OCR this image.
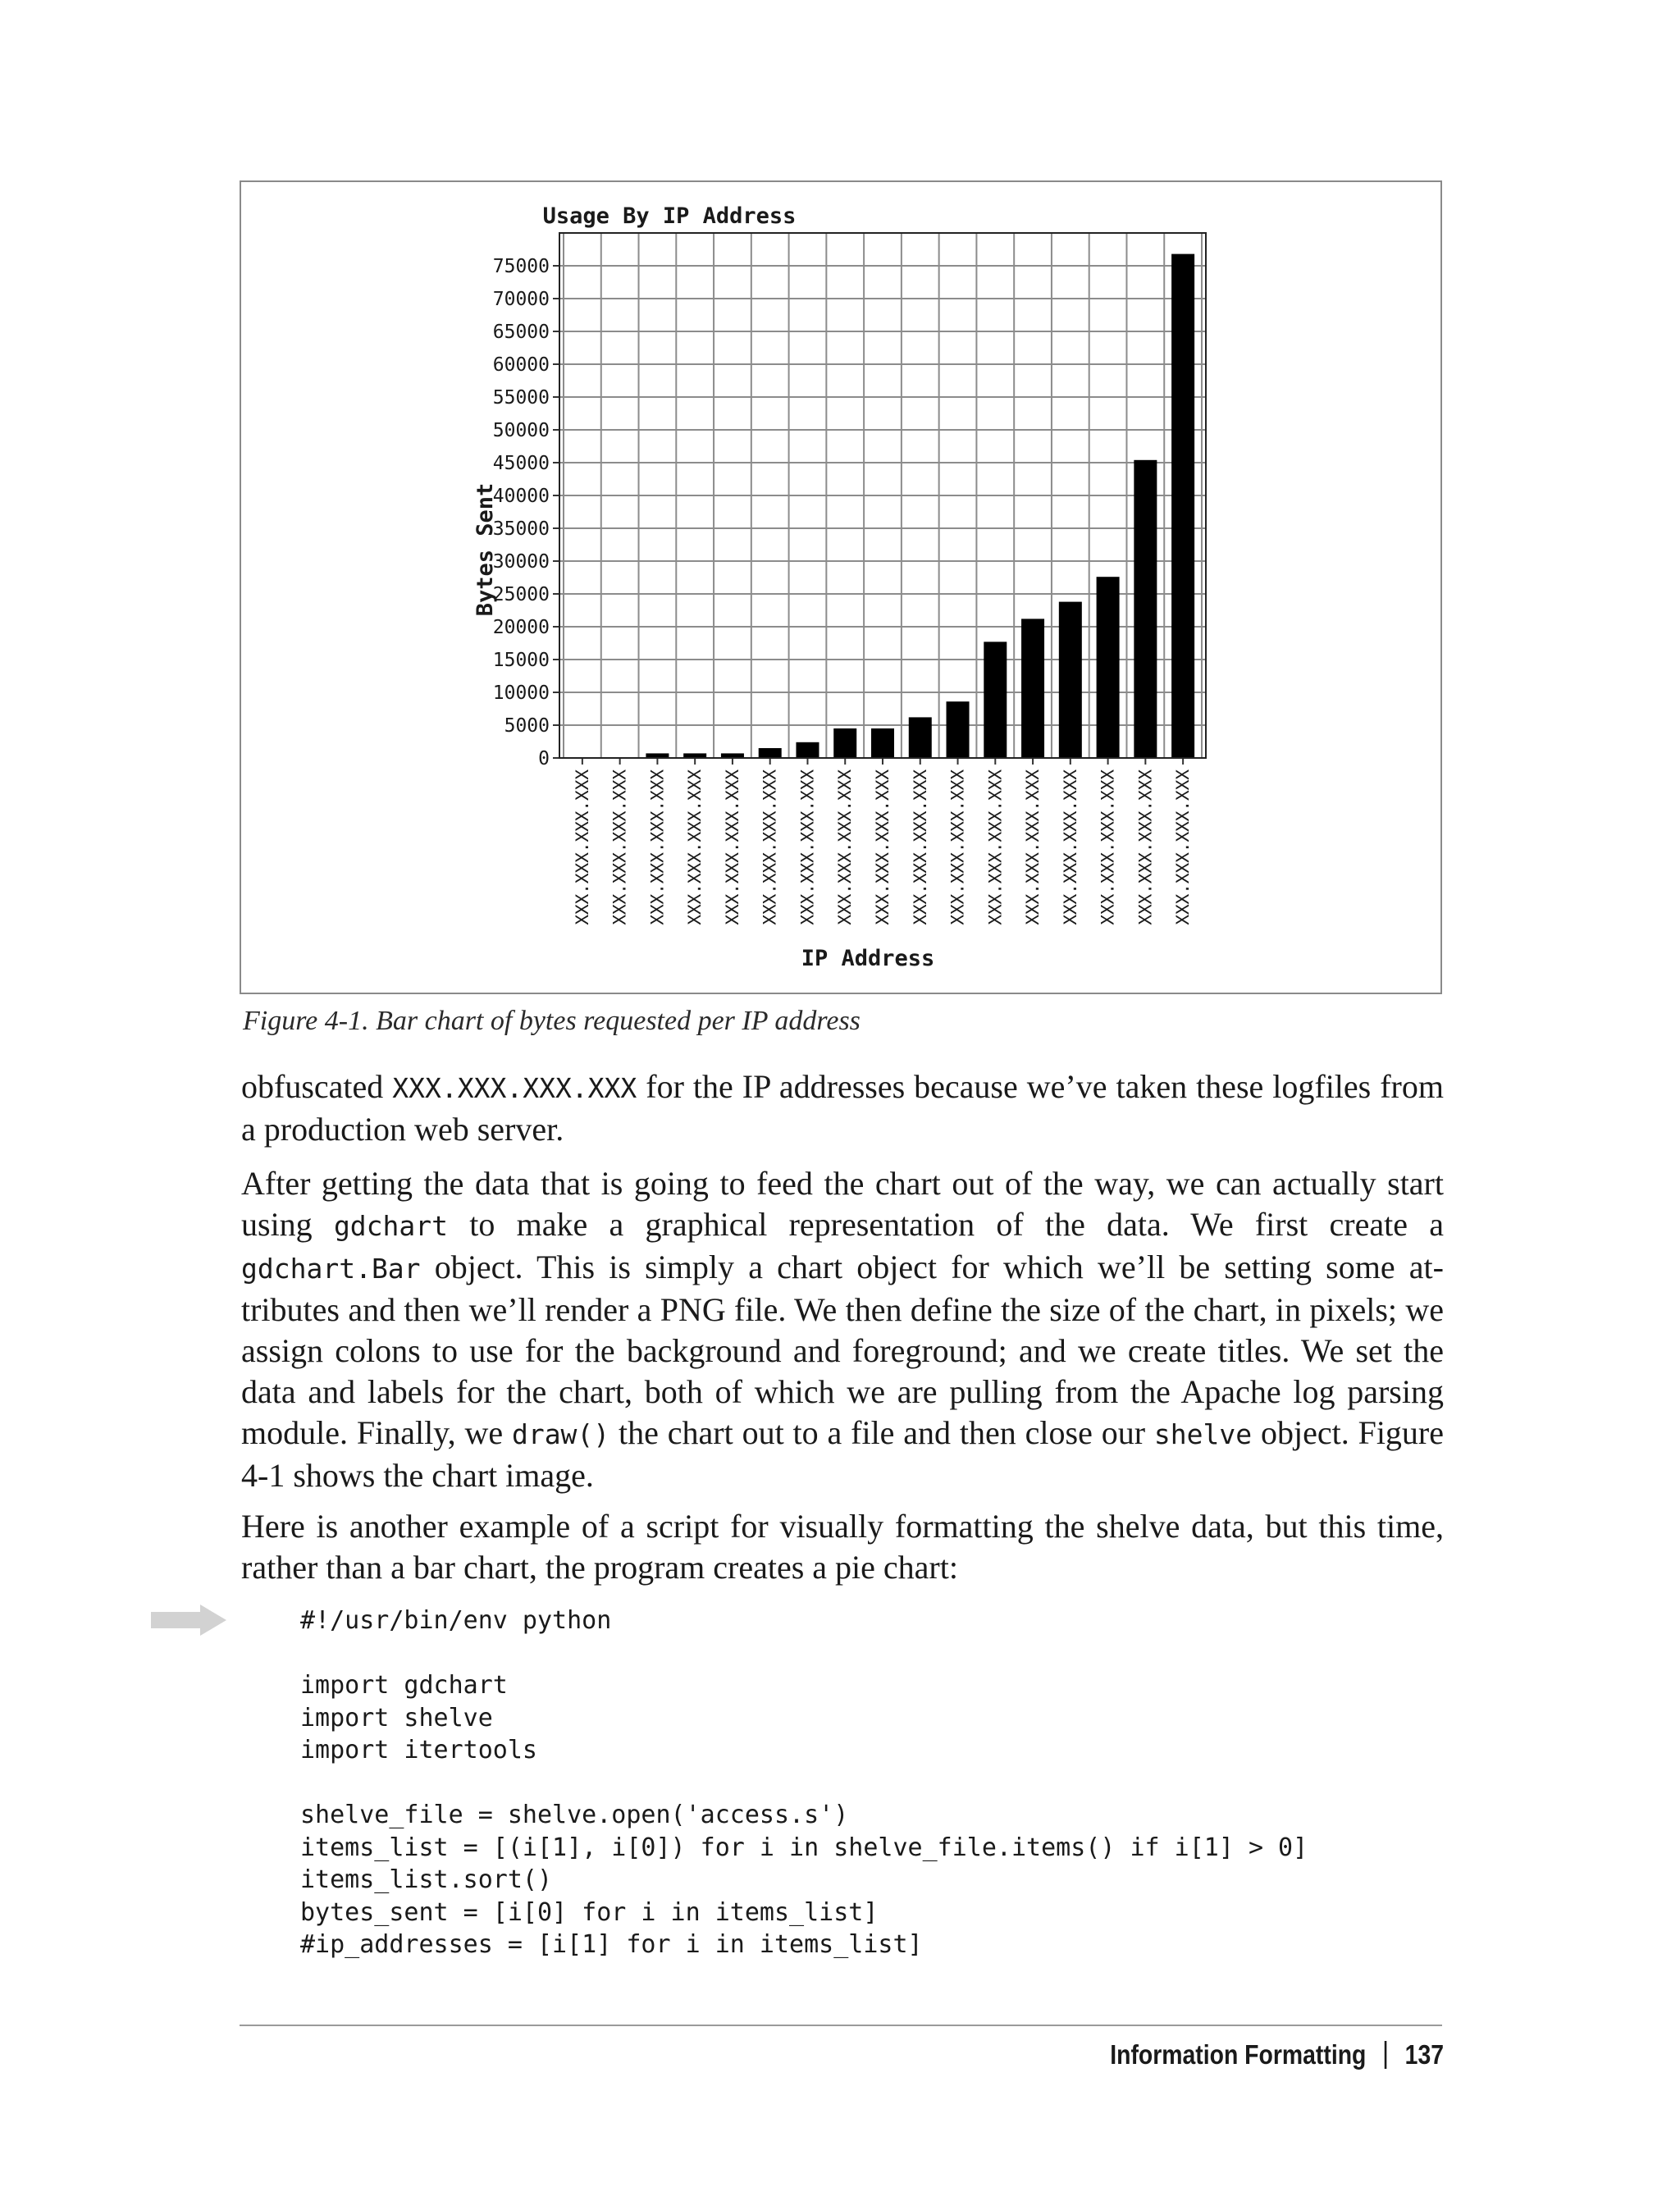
0
5000
10000
15000
20000
25000
30000
35000
40000
45000
50000
55000
60000
65000
70000
75000
XXX.XXX.XXX.XXX XXX.XXX.XXX.XXX XXX.XXX.XXX.XXX XXX.XXX.XXX.XXX XXX.XXX.XXX.XXX XXX.XXX.XXX.XXX XXX.XXX.XXX.XXX XXX.XXX.XXX.XXX XXX.XXX.XXX.XXX XXX.XXX.XXX.XXX XXX.XXX.XXX.XXX XXX.XXX.XXX.XXX XXX.XXX.XXX.XXX XXX.XXX.XXX.XXX XXX.XXX.XXX.XXX XXX.XXX.XXX.XXX XXX.XXX.XXX.XXX
Usage By IP Address
IP Address
Bytes Sent
Figure 4-1. Bar chart of bytes requested per IP address

obfuscated XXX.XXX.XXX.XXX for the IP addresses because we’ve taken these logfiles from a production web server.

After getting the data that is going to feed the chart out of the way, we can actually start using gdchart to make a graphical representation of the data. We first create a gdchart.Bar object. This is simply a chart object for which we’ll be setting some at-tributes and then we’ll render a PNG file. We then define the size of the chart, in pixels; we assign colons to use for the background and foreground; and we create titles. We set the data and labels for the chart, both of which we are pulling from the Apache log parsing module. Finally, we draw() the chart out to a file and then close our shelve object. Figure 4-1 shows the chart image.

Here is another example of a script for visually formatting the shelve data, but this time, rather than a bar chart, the program creates a pie chart:

#!/usr/bin/env python
import gdchart
import shelve
import itertools
shelve_file = shelve.open('access.s')
items_list = [(i[1], i[0]) for i in shelve_file.items() if i[1] > 0]
items_list.sort()
bytes_sent = [i[0] for i in items_list]
#ip_addresses = [i[1] for i in items_list]
Information Formatting 137
